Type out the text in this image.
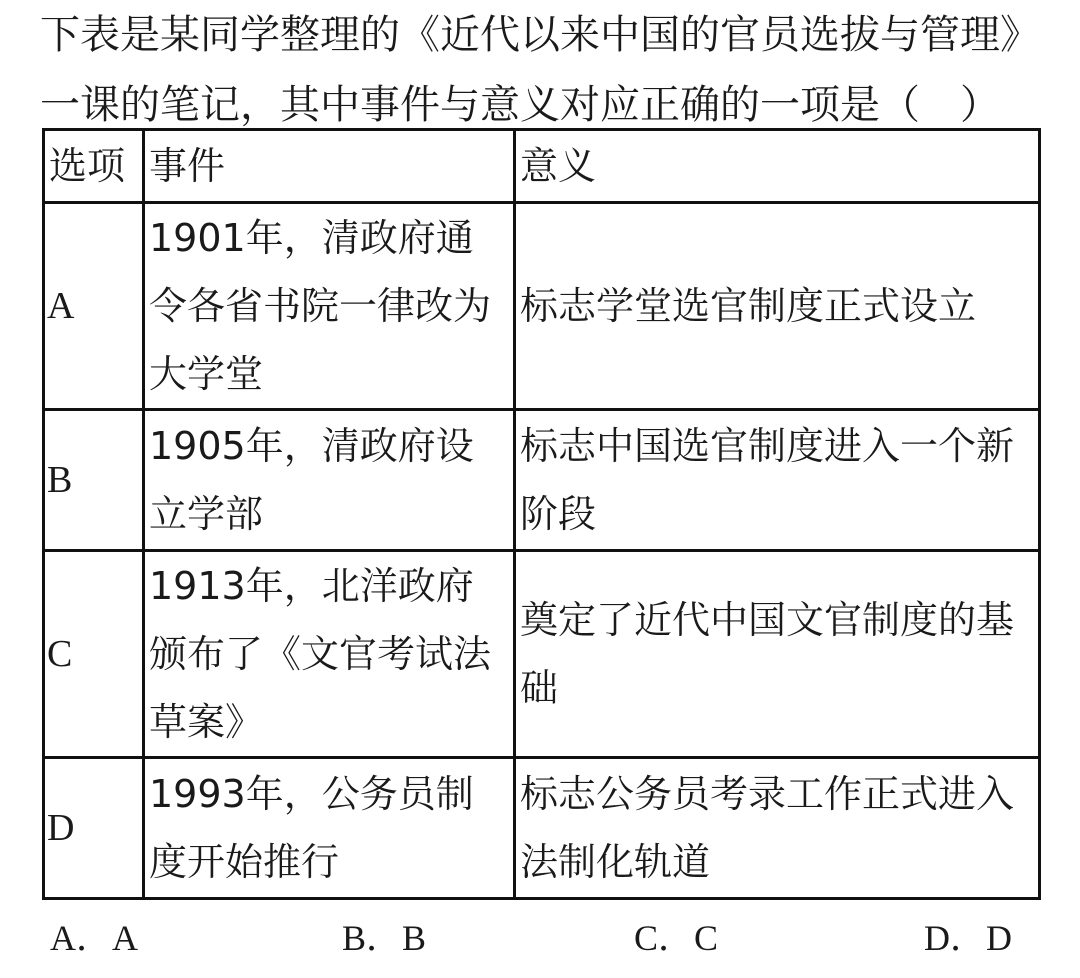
下表是某同学整理的《近代以来中国的官员选拔与管理》

一课的笔记，其中事件与意义对应正确的一项是（　）

选项	事件	意义
A	1901年，清政府通令各省书院一律改为大学堂	标志学堂选官制度正式设立
B	1905年，清政府设立学部	标志中国选官制度进入一个新阶段
C	1913年，北洋政府颁布了《文官考试法草案》	奠定了近代中国文官制度的基础
D	1993年，公务员制度开始推行	标志公务员考录工作正式进入法制化轨道
A．A	B．B	C．C	D．D
